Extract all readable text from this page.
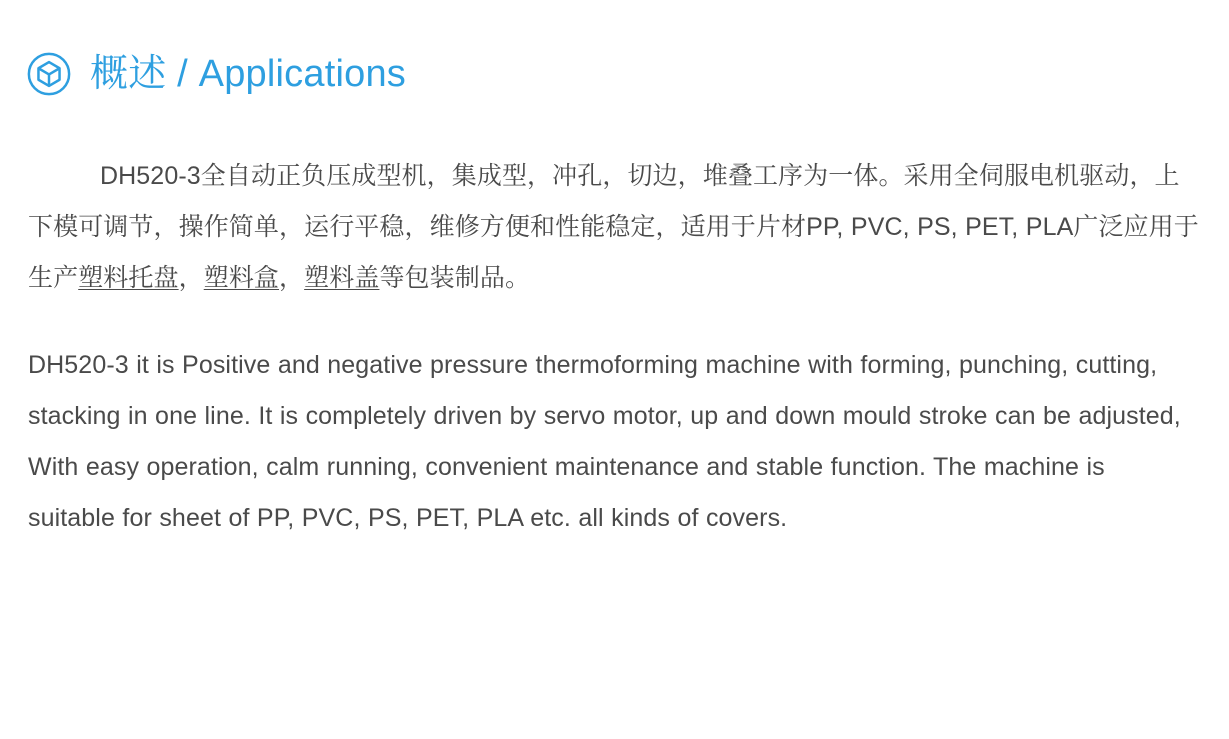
概述 / Applications

DH520-3全自动正负压成型机，集成型，冲孔，切边，堆叠工序为一体。采用全伺服电机驱动，上下模可调节，操作简单，运行平稳，维修方便和性能稳定，适用于片材PP, PVC, PS, PET, PLA广泛应用于生产塑料托盘，塑料盒，塑料盖等包装制品。

DH520-3 it is Positive and negative pressure thermoforming machine with forming, punching, cutting, stacking in one line. It is completely driven by servo motor, up and down mould stroke can be adjusted, With easy operation, calm running, convenient maintenance and stable function. The machine is suitable for sheet of PP, PVC, PS, PET, PLA etc. all kinds of covers.
